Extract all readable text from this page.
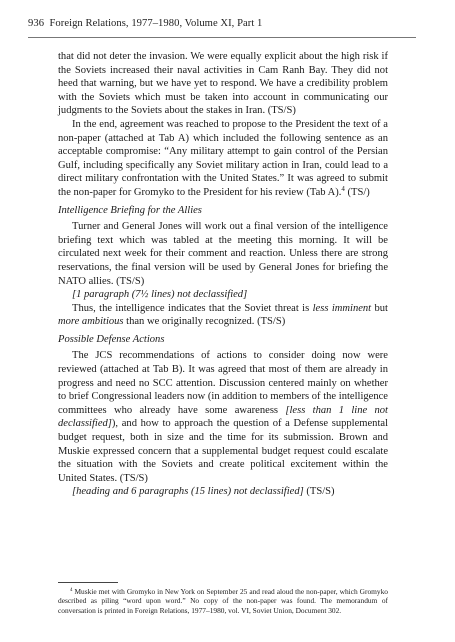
936 Foreign Relations, 1977–1980, Volume XI, Part 1

that did not deter the invasion. We were equally explicit about the high risk if the Soviets increased their naval activities in Cam Ranh Bay. They did not heed that warning, but we have yet to respond. We have a credibility problem with the Soviets which must be taken into account in communicating our judgments to the Soviets about the stakes in Iran. (TS/S)

In the end, agreement was reached to propose to the President the text of a non-paper (attached at Tab A) which included the following sentence as an acceptable compromise: “Any military attempt to gain control of the Persian Gulf, including specifically any Soviet military action in Iran, could lead to a direct military confrontation with the United States.” It was agreed to submit the non-paper for Gromyko to the President for his review (Tab A).$^4$ (TS/)

Intelligence Briefing for the Allies

Turner and General Jones will work out a final version of the intelligence briefing text which was tabled at the meeting this morning. It will be circulated next week for their comment and reaction. Unless there are strong reservations, the final version will be used by General Jones for briefing the NATO allies. (TS/S)

[1 paragraph (7½ lines) not declassified]

Thus, the intelligence indicates that the Soviet threat is less imminent but more ambitious than we originally recognized. (TS/S)

Possible Defense Actions

The JCS recommendations of actions to consider doing now were reviewed (attached at Tab B). It was agreed that most of them are already in progress and need no SCC attention. Discussion centered mainly on whether to brief Congressional leaders now (in addition to members of the intelligence committees who already have some awareness [less than 1 line not declassified]), and how to approach the question of a Defense supplemental budget request, both in size and the time for its submission. Brown and Muskie expressed concern that a supplemental budget request could escalate the situation with the Soviets and create political excitement within the United States. (TS/S)

[heading and 6 paragraphs (15 lines) not declassified] (TS/S)

$^4$ Muskie met with Gromyko in New York on September 25 and read aloud the non-paper, which Gromyko described as piling “word upon word.” No copy of the non-paper was found. The memorandum of conversation is printed in Foreign Relations, 1977–1980, vol. VI, Soviet Union, Document 302.
